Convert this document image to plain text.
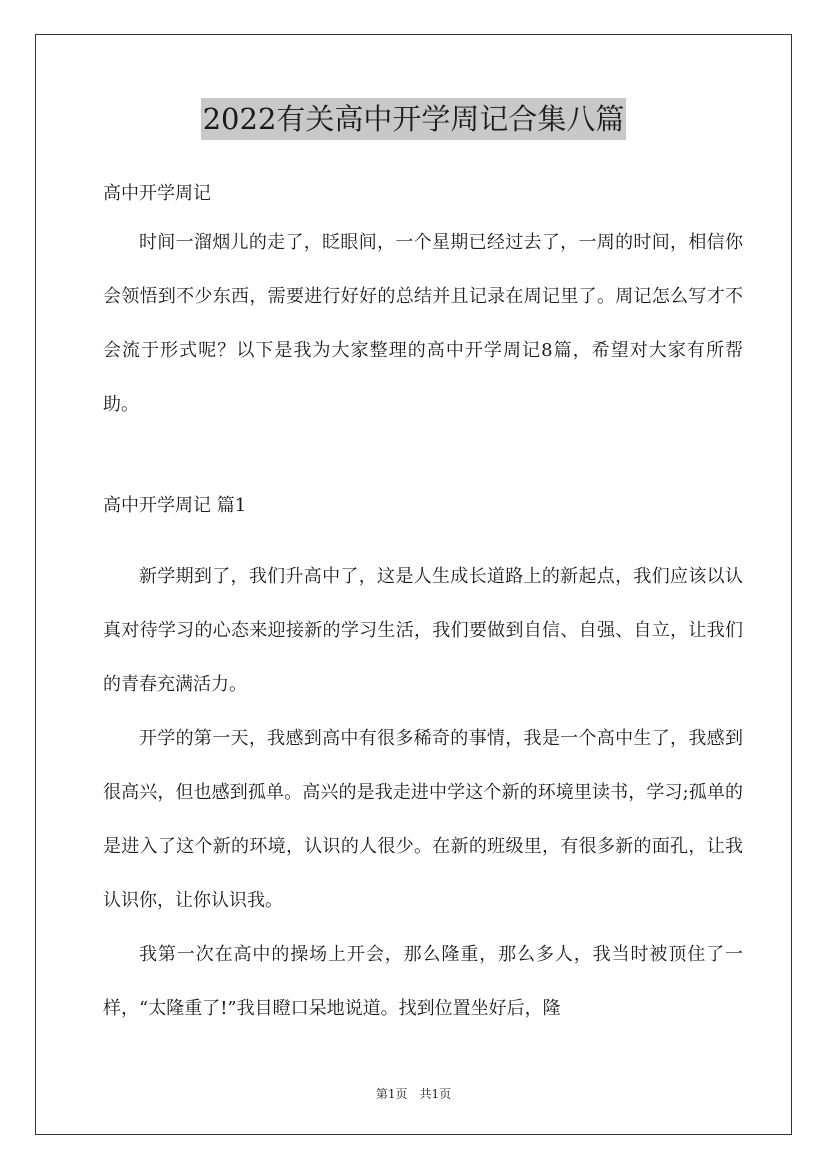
2022有关高中开学周记合集八篇

高中开学周记

时间一溜烟儿的走了，眨眼间，一个星期已经过去了，一周的时间，相信你会领悟到不少东西，需要进行好好的总结并且记录在周记里了。周记怎么写才不会流于形式呢？以下是我为大家整理的高中开学周记8篇，希望对大家有所帮助。

高中开学周记 篇1

新学期到了，我们升高中了，这是人生成长道路上的新起点，我们应该以认真对待学习的心态来迎接新的学习生活，我们要做到自信、自强、自立，让我们的青春充满活力。

开学的第一天，我感到高中有很多稀奇的事情，我是一个高中生了，我感到很高兴，但也感到孤单。高兴的是我走进中学这个新的环境里读书，学习;孤单的是进入了这个新的环境，认识的人很少。在新的班级里，有很多新的面孔，让我认识你，让你认识我。

我第一次在高中的操场上开会，那么隆重，那么多人，我当时被顶住了一样，“太隆重了!”我目瞪口呆地说道。找到位置坐好后，隆

第1页　共1页
